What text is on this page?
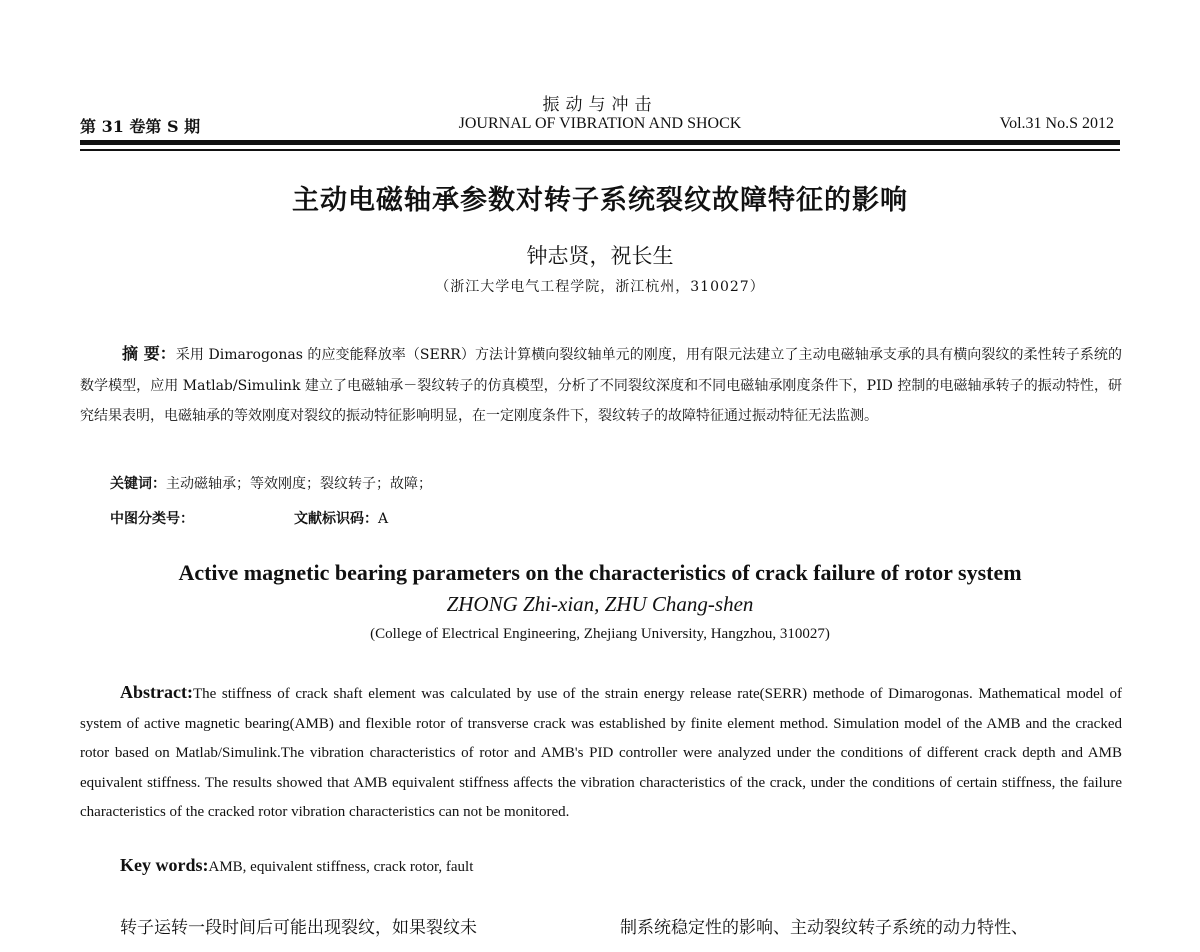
振动与冲击
第 31 卷第 S 期	JOURNAL OF VIBRATION AND SHOCK	Vol.31 No.S 2012
主动电磁轴承参数对转子系统裂纹故障特征的影响
钟志贤，祝长生
（浙江大学电气工程学院，浙江杭州，310027）
摘 要：采用 Dimarogonas 的应变能释放率（SERR）方法计算横向裂纹轴单元的刚度，用有限元法建立了主动电磁轴承支承的具有横向裂纹的柔性转子系统的数学模型，应用 Matlab/Simulink 建立了电磁轴承－裂纹转子的仿真模型，分析了不同裂纹深度和不同电磁轴承刚度条件下，PID 控制的电磁轴承转子的振动特性，研究结果表明，电磁轴承的等效刚度对裂纹的振动特征影响明显，在一定刚度条件下，裂纹转子的故障特征通过振动特征无法监测。
关键词：主动磁轴承；等效刚度；裂纹转子；故障；
中图分类号：	文献标识码：A
Active magnetic bearing parameters on the characteristics of crack failure of rotor system
ZHONG Zhi-xian, ZHU Chang-shen
(College of Electrical Engineering, Zhejiang University, Hangzhou, 310027)
Abstract:The stiffness of crack shaft element was calculated by use of the strain energy release rate(SERR) methode of Dimarogonas. Mathematical model of system of active magnetic bearing(AMB) and flexible rotor of transverse crack was established by finite element method. Simulation model of the AMB and the cracked rotor based on Matlab/Simulink.The vibration characteristics of rotor and AMB's PID controller were analyzed under the conditions of different crack depth and AMB equivalent stiffness. The results showed that AMB equivalent stiffness affects the vibration characteristics of the crack, under the conditions of certain stiffness, the failure characteristics of the cracked rotor vibration characteristics can not be monitored.
Key words:AMB, equivalent stiffness, crack rotor, fault
转子运转一段时间后可能出现裂纹，如果裂纹未	制系统稳定性的影响、主动裂纹转子系统的动力特性、
